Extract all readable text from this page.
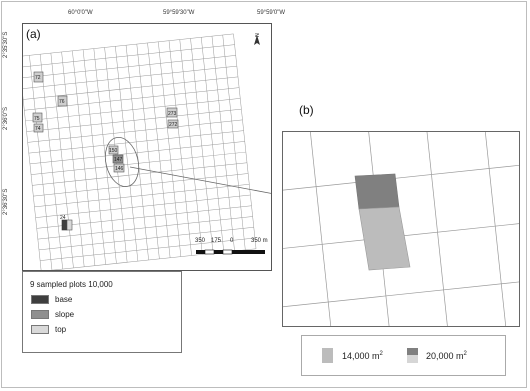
60°0'0"W	59°59'30"W	59°59'0"W
2°35'30"S
2°36'0"S
2°36'30"S
72
76
75
74
273
272
150
147
146
24
350 175 0	350 m
N
(a)
(b)
9 sampled plots 10,000
base
slope
top
14,000 $m^2$	20,000 $m^2$
